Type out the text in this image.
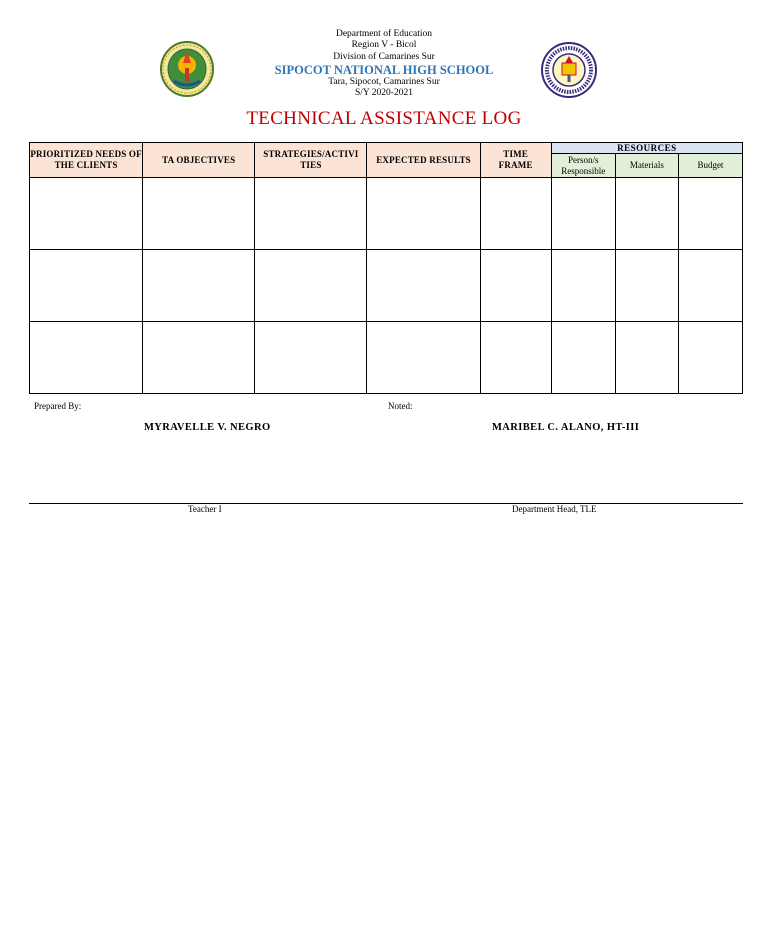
Department of Education
Region V - Bicol
Division of Camarines Sur
SIPOCOT NATIONAL HIGH SCHOOL
Tara, Sipocot, Camarines Sur
S/Y 2020-2021
TECHNICAL ASSISTANCE LOG
PRIORITIZED NEEDS OF THE CLIENTS	TA OBJECTIVES	STRATEGIES/ACTIVI TIES	EXPECTED RESULTS	TIME FRAME	RESOURCES		
					Person/s Responsible	Materials	Budget

Prepared By:	Noted:
MYRAVELLE V. NEGRO	MARIBEL C. ALANO, HT-III
Teacher I	Department Head, TLE
